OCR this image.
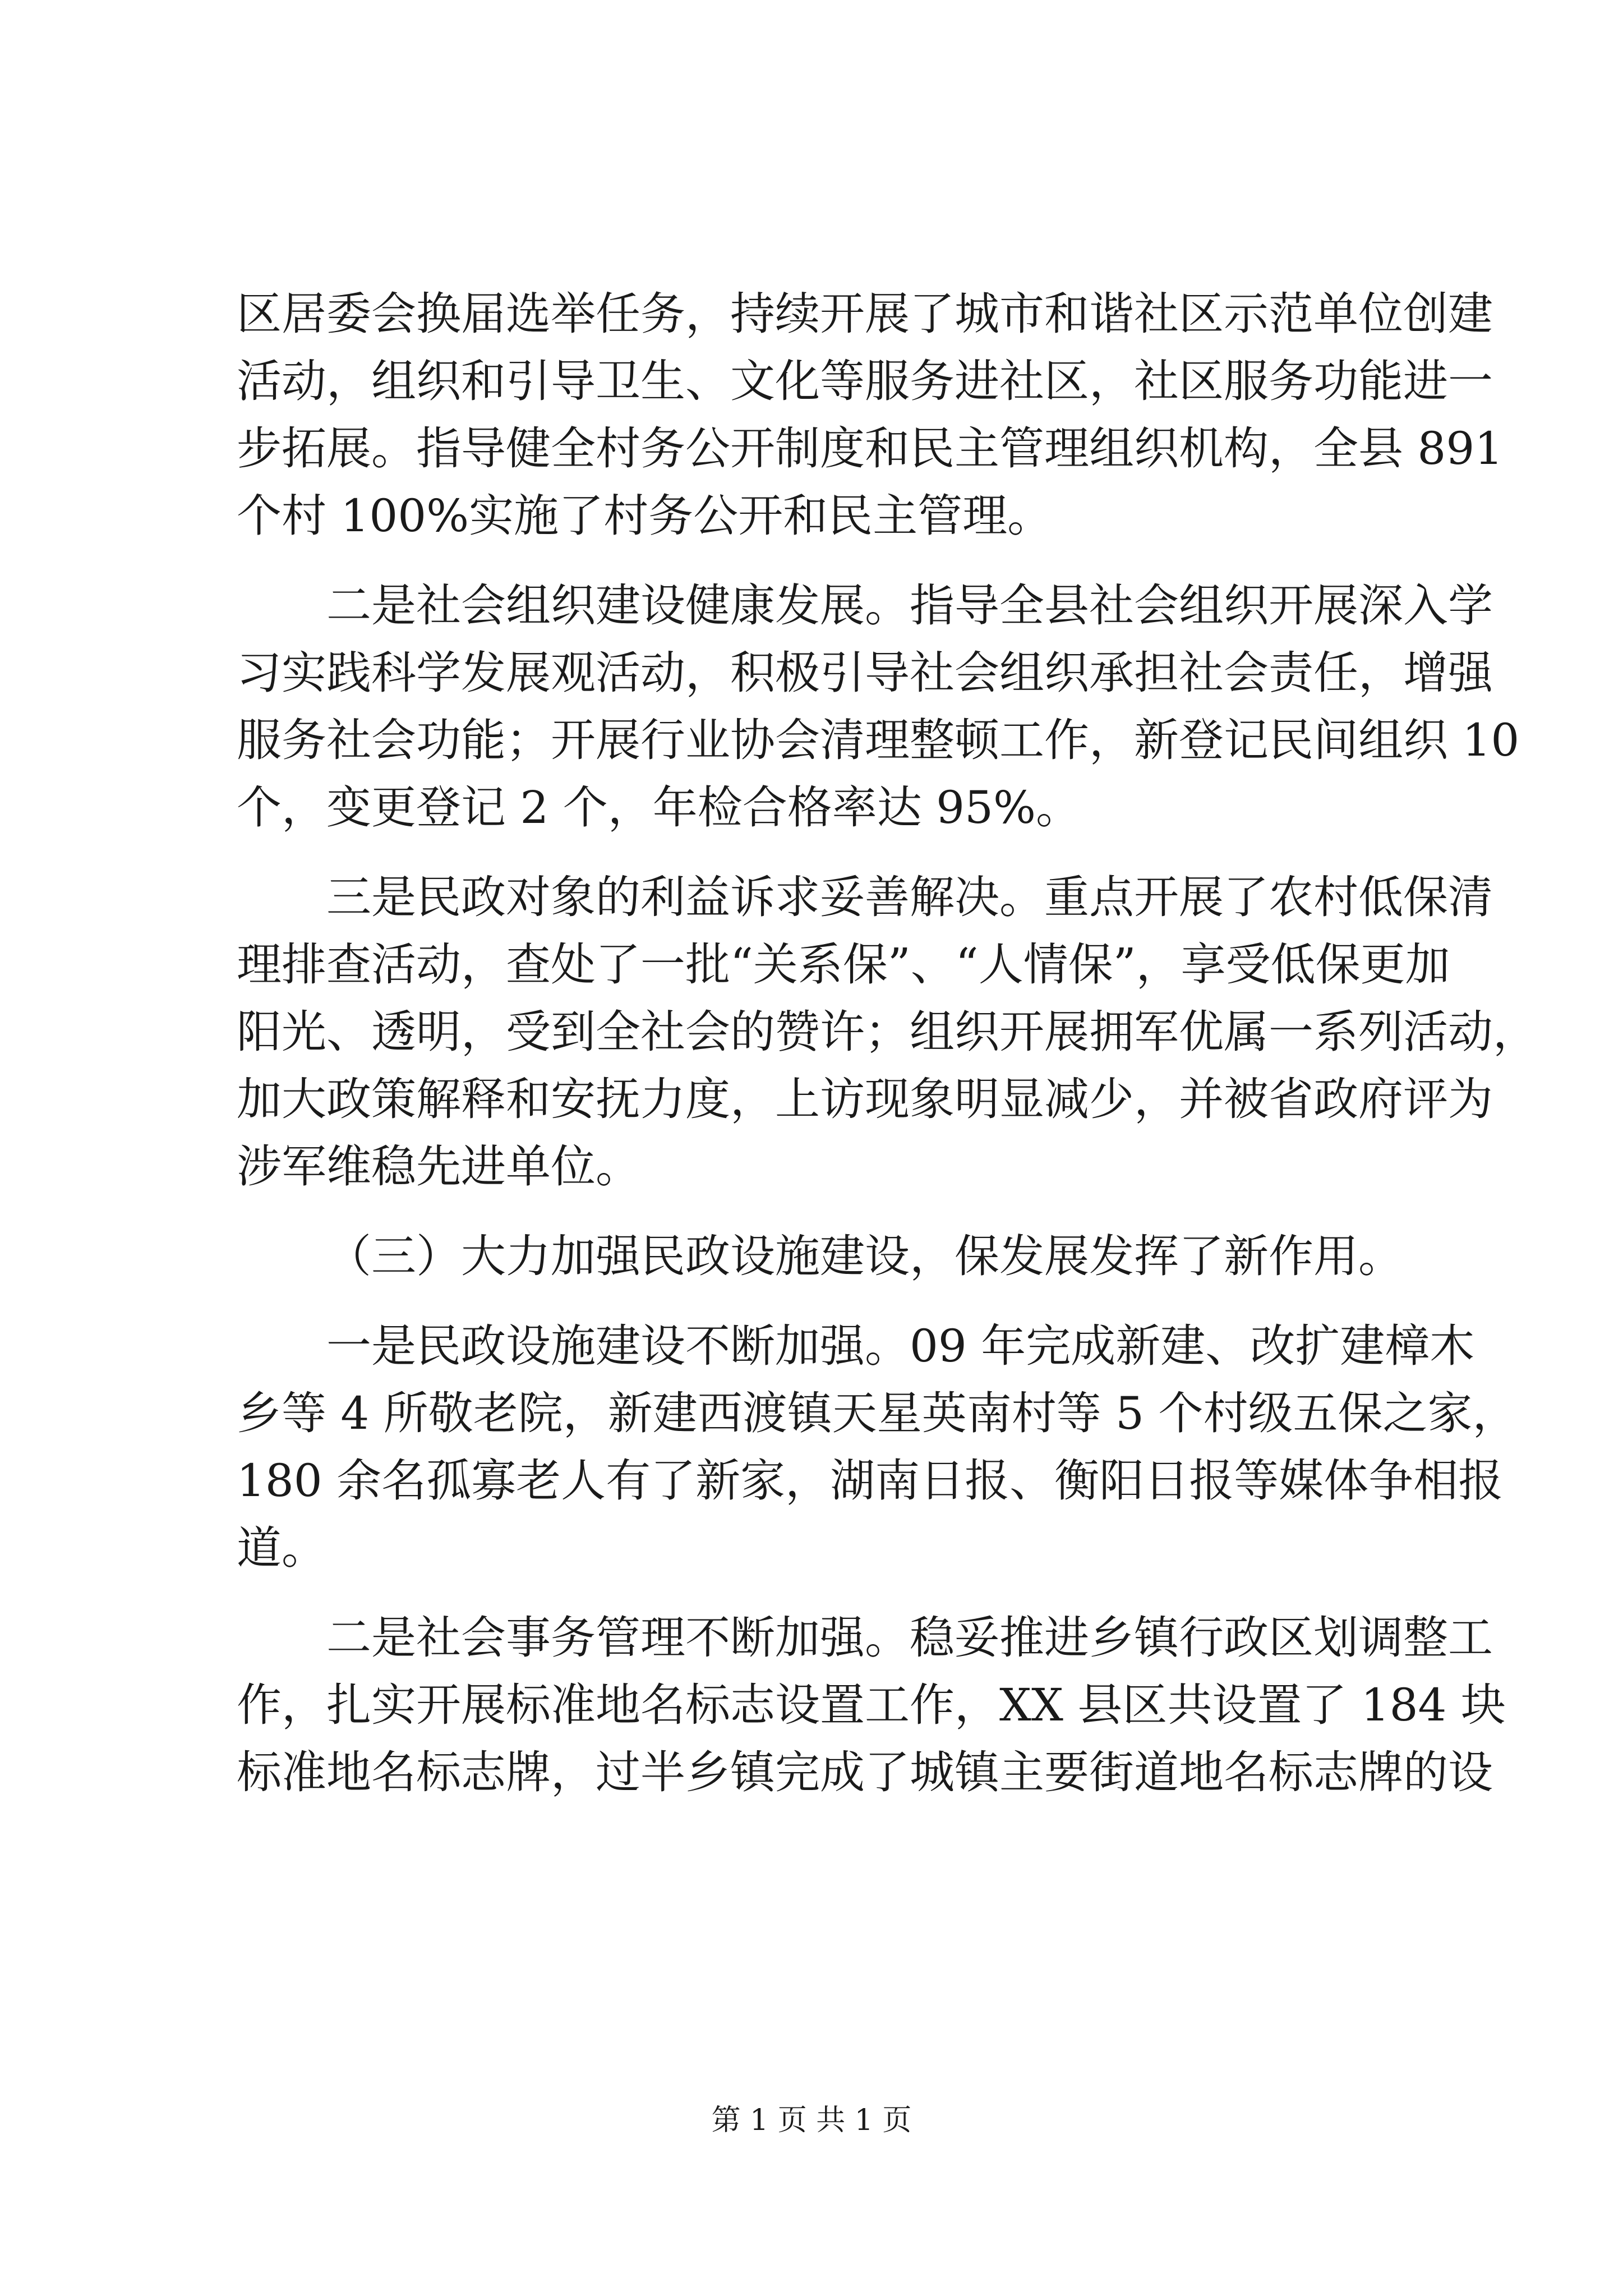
区居委会换届选举任务，持续开展了城市和谐社区示范单位创建
活动，组织和引导卫生、文化等服务进社区，社区服务功能进一
步拓展。指导健全村务公开制度和民主管理组织机构，全县 891
个村 100%实施了村务公开和民主管理。
二是社会组织建设健康发展。指导全县社会组织开展深入学
习实践科学发展观活动，积极引导社会组织承担社会责任，增强
服务社会功能；开展行业协会清理整顿工作，新登记民间组织 10
个，变更登记 2 个，年检合格率达 95%。
三是民政对象的利益诉求妥善解决。重点开展了农村低保清
理排查活动，查处了一批“关系保”、“人情保”，享受低保更加
阳光、透明，受到全社会的赞许；组织开展拥军优属一系列活动，
加大政策解释和安抚力度，上访现象明显减少，并被省政府评为
涉军维稳先进单位。
（三）大力加强民政设施建设，保发展发挥了新作用。
一是民政设施建设不断加强。09 年完成新建、改扩建樟木
乡等 4 所敬老院，新建西渡镇天星英南村等 5 个村级五保之家，
180 余名孤寡老人有了新家，湖南日报、衡阳日报等媒体争相报
道。
二是社会事务管理不断加强。稳妥推进乡镇行政区划调整工
作，扎实开展标准地名标志设置工作，XX 县区共设置了 184 块
标准地名标志牌，过半乡镇完成了城镇主要街道地名标志牌的设
第 1 页 共 1 页
